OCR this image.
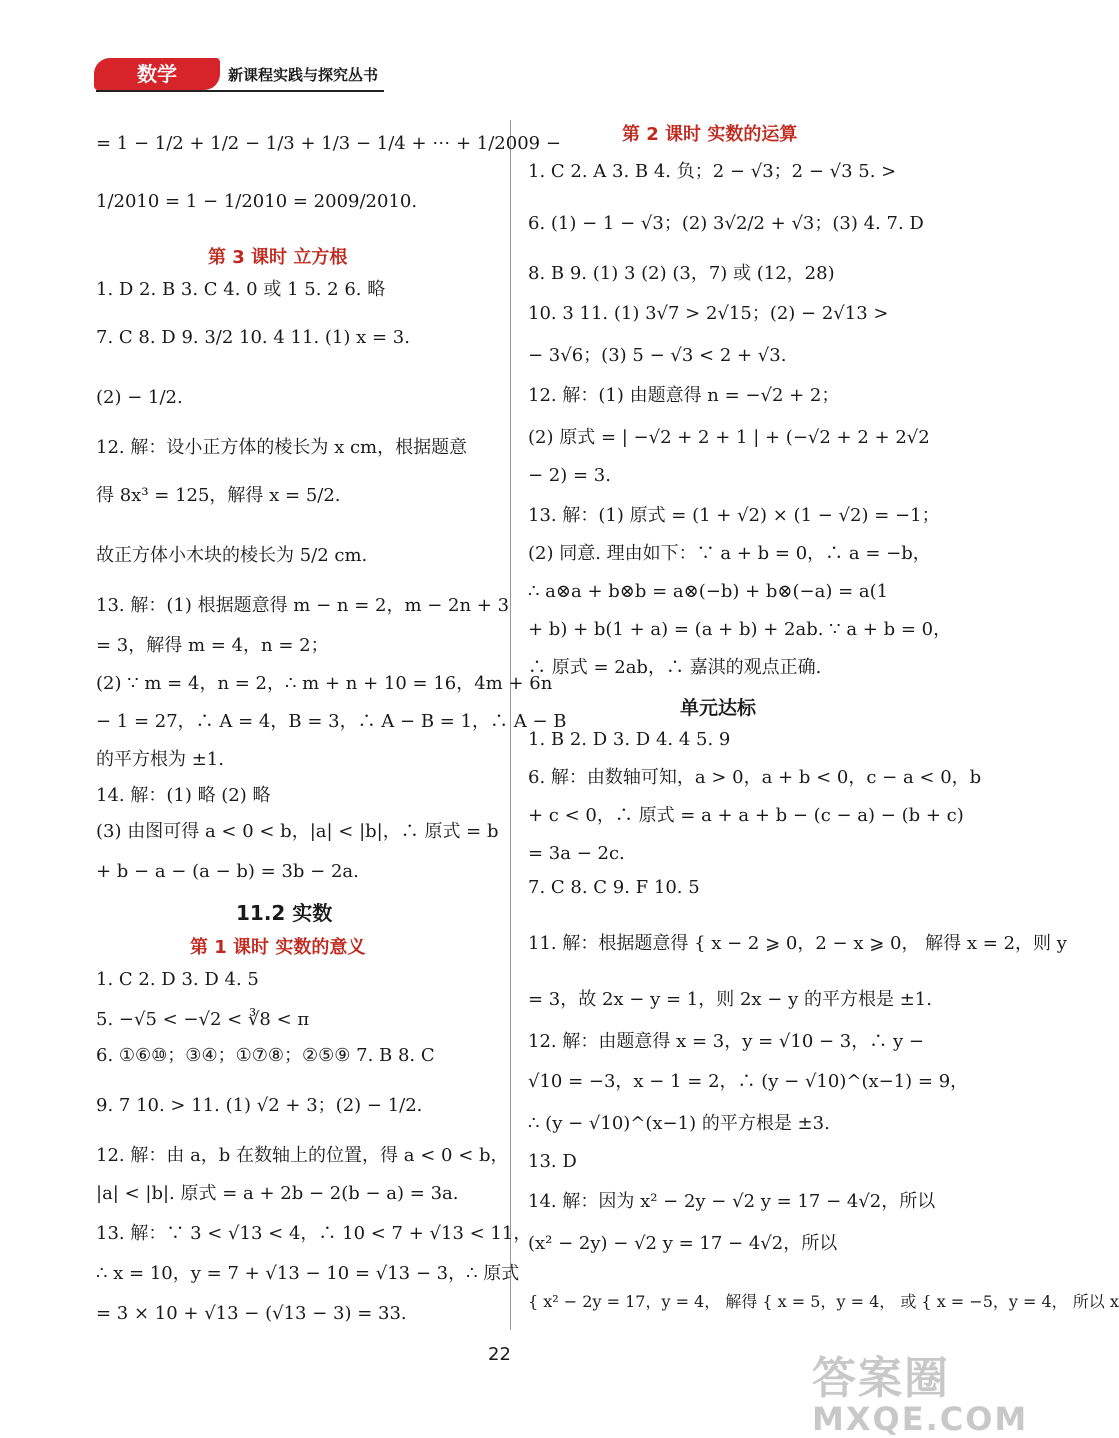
数学	新课程实践与探究丛书
= 1 − 1/2 + 1/2 − 1/3 + 1/3 − 1/4 + ⋯ + 1/2009 −
1/2010 = 1 − 1/2010 = 2009/2010.
第 3 课时 立方根
1. D 2. B 3. C 4. 0 或 1 5. 2 6. 略
7. C 8. D 9. 3/2 10. 4 11. (1) x = 3.
(2) − 1/2.
12. 解：设小正方体的棱长为 x cm，根据题意
得 8x³ = 125，解得 x = 5/2.
故正方体小木块的棱长为 5/2 cm.
13. 解：(1) 根据题意得 m − n = 2，m − 2n + 3
= 3，解得 m = 4，n = 2；
(2) ∵ m = 4，n = 2，∴ m + n + 10 = 16，4m + 6n
− 1 = 27，∴ A = 4，B = 3，∴ A − B = 1，∴ A − B
的平方根为 ±1.
14. 解：(1) 略 (2) 略
(3) 由图可得 a < 0 < b，|a| < |b|，∴ 原式 = b
+ b − a − (a − b) = 3b − 2a.
11.2 实数
第 1 课时 实数的意义
1. C 2. D 3. D 4. 5
5. −√5 < −√2 < ∛8 < π
6. ①⑥⑩；③④；①⑦⑧；②⑤⑨ 7. B 8. C
9. 7 10. > 11. (1) √2 + 3；(2) − 1/2.
12. 解：由 a，b 在数轴上的位置，得 a < 0 < b，
|a| < |b|. 原式 = a + 2b − 2(b − a) = 3a.
13. 解：∵ 3 < √13 < 4，∴ 10 < 7 + √13 < 11，
∴ x = 10，y = 7 + √13 − 10 = √13 − 3，∴ 原式
= 3 × 10 + √13 − (√13 − 3) = 33.
第 2 课时 实数的运算
1. C 2. A 3. B 4. 负；2 − √3；2 − √3 5. >
6. (1) − 1 − √3；(2) 3√2/2 + √3；(3) 4. 7. D
8. B 9. (1) 3 (2) (3，7) 或 (12，28)
10. 3 11. (1) 3√7 > 2√15；(2) − 2√13 >
− 3√6；(3) 5 − √3 < 2 + √3.
12. 解：(1) 由题意得 n = −√2 + 2；
(2) 原式 = | −√2 + 2 + 1 | + (−√2 + 2 + 2√2
− 2) = 3.
13. 解：(1) 原式 = (1 + √2) × (1 − √2) = −1；
(2) 同意. 理由如下：∵ a + b = 0，∴ a = −b，
∴ a⊗a + b⊗b = a⊗(−b) + b⊗(−a) = a(1
+ b) + b(1 + a) = (a + b) + 2ab. ∵ a + b = 0，
∴ 原式 = 2ab，∴ 嘉淇的观点正确.
单元达标
1. B 2. D 3. D 4. 4 5. 9
6. 解：由数轴可知，a > 0，a + b < 0，c − a < 0，b
+ c < 0，∴ 原式 = a + a + b − (c − a) − (b + c)
= 3a − 2c.
7. C 8. C 9. F 10. 5
11. 解：根据题意得 { x − 2 ⩾ 0，2 − x ⩾ 0， 解得 x = 2，则 y
= 3，故 2x − y = 1，则 2x − y 的平方根是 ±1.
12. 解：由题意得 x = 3，y = √10 − 3，∴ y −
√10 = −3，x − 1 = 2，∴ (y − √10)^(x−1) = 9，
∴ (y − √10)^(x−1) 的平方根是 ±3.
13. D
14. 解：因为 x² − 2y − √2 y = 17 − 4√2，所以
(x² − 2y) − √2 y = 17 − 4√2，所以
{ x² − 2y = 17，y = 4， 解得 { x = 5，y = 4， 或 { x = −5，y = 4， 所以 x
22	答案圈
MXQE.COM
